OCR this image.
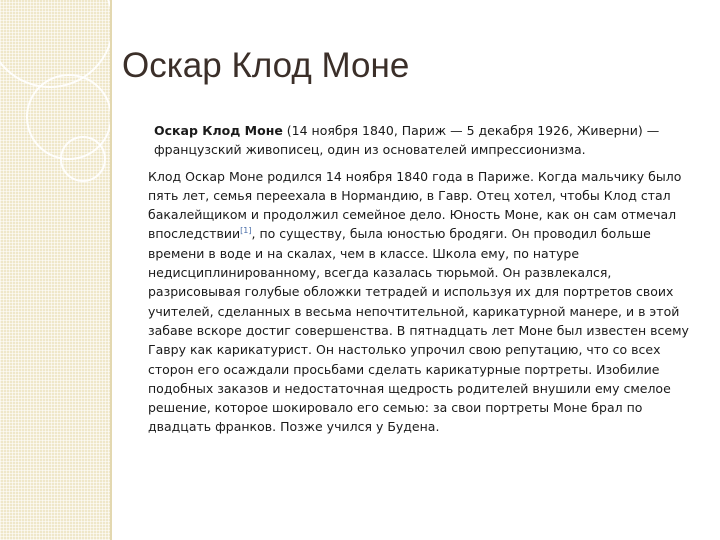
Оскар Клод Моне

Оскар Клод Моне (14 ноября 1840, Париж — 5 декабря 1926, Живерни) — французский живописец, один из основателей импрессионизма.

Клод Оскар Моне родился 14 ноября 1840 года в Париже. Когда мальчику было пять лет, семья переехала в Нормандию, в Гавр. Отец хотел, чтобы Клод стал бакалейщиком и продолжил семейное дело. Юность Моне, как он сам отмечал впоследствии[1], по существу, была юностью бродяги. Он проводил больше времени в воде и на скалах, чем в классе. Школа ему, по натуре недисциплинированному, всегда казалась тюрьмой. Он развлекался, разрисовывая голубые обложки тетрадей и используя их для портретов своих учителей, сделанных в весьма непочтительной, карикатурной манере, и в этой забаве вскоре достиг совершенства. В пятнадцать лет Моне был известен всему Гавру как карикатурист. Он настолько упрочил свою репутацию, что со всех сторон его осаждали просьбами сделать карикатурные портреты. Изобилие подобных заказов и недостаточная щедрость родителей внушили ему смелое решение, которое шокировало его семью: за свои портреты Моне брал по двадцать франков. Позже учился у Будена.
